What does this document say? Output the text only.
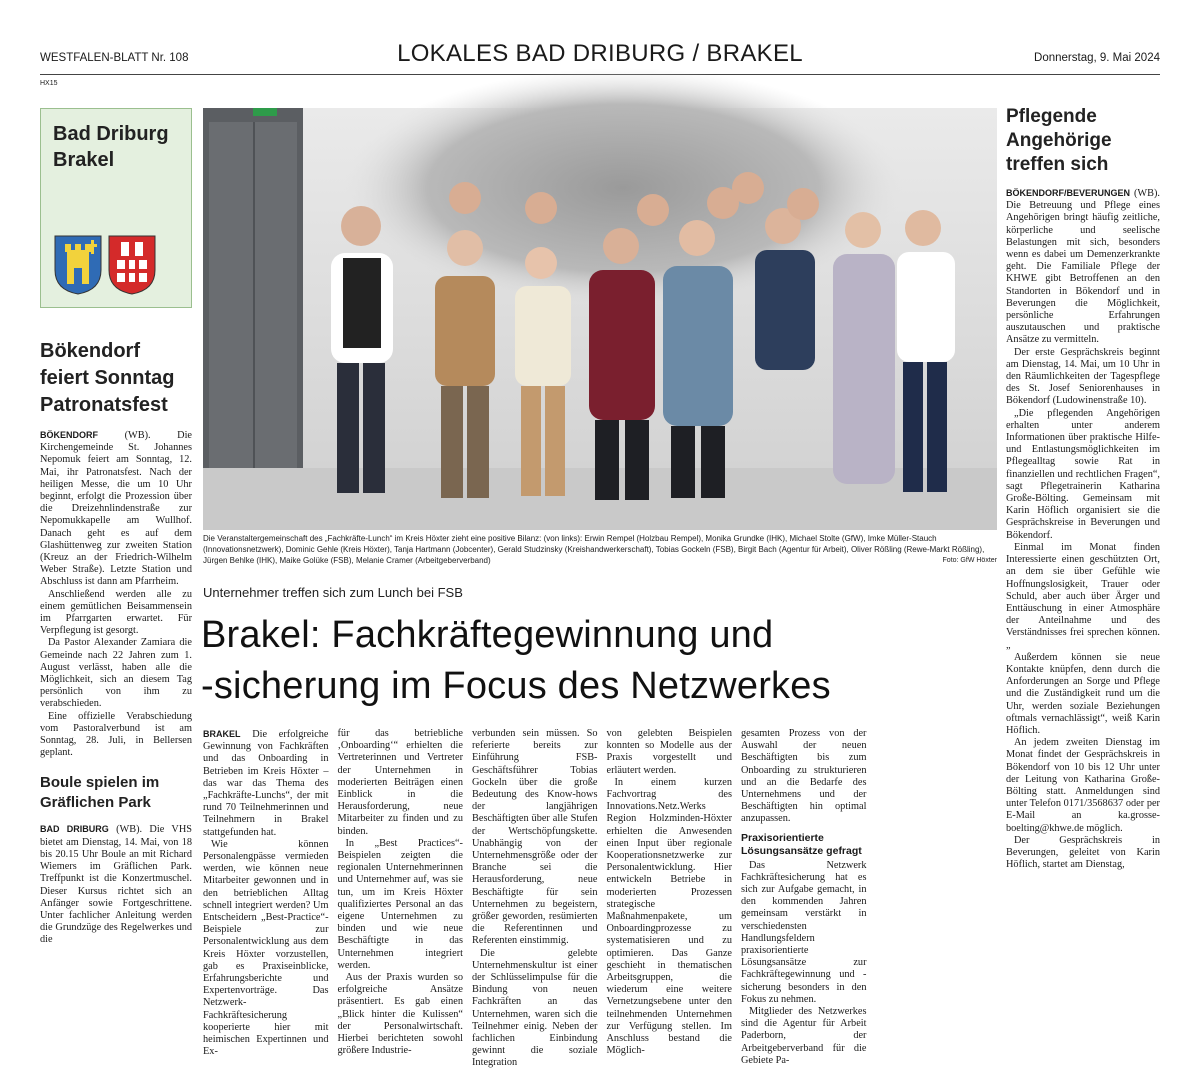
WESTFALEN-BLATT Nr. 108	LOKALES BAD DRIBURG / BRAKEL	Donnerstag, 9. Mai 2024
HX15
Bad Driburg
Brakel
Bökendorf feiert Sonntag Patronatsfest

BÖKENDORF	(WB). Die Kirchengemeinde St. Johannes Nepomuk feiert am Sonntag, 12. Mai, ihr Patronatsfest. Nach der heiligen Messe, die um 10 Uhr beginnt, erfolgt die Prozession über die Dreizehnlindenstraße zur Nepomukkapelle am Wullhof. Danach geht es auf dem Glashüttenweg zur zweiten Station (Kreuz an der Friedrich-Wilhelm Weber Straße). Letzte Station und Abschluss ist dann am Pfarrheim.

Anschließend werden alle zu einem gemütlichen Beisammensein im Pfarrgarten erwartet. Für Verpflegung ist gesorgt.

Da Pastor Alexander Zamiara die Gemeinde nach 22 Jahren zum 1. August verlässt, haben alle die Möglichkeit, sich an diesem Tag persönlich von ihm zu verabschieden.

Eine offizielle Verabschiedung vom Pastoralverbund ist am Sonntag, 28. Juli, in Bellersen geplant.

Boule spielen im Gräflichen Park

BAD DRIBURG (WB). Die VHS bietet am Dienstag, 14. Mai, von 18 bis 20.15 Uhr Boule an mit Richard Wiemers im Gräflichen Park. Treffpunkt ist die Konzertmuschel. Dieser Kursus richtet sich an Anfänger sowie Fortgeschrittene. Unter fachlicher Anleitung werden die Grundzüge des Regelwerkes und die

Die Veranstaltergemeinschaft des „Fachkräfte-Lunch“ im Kreis Höxter zieht eine positive Bilanz: (von links): Erwin Rempel (Holzbau Rempel), Monika Grundke (IHK), Michael Stolte (GfW), Imke Müller-Stauch (Innovationsnetzwerk), Dominic Gehle (Kreis Höxter), Tanja Hartmann (Jobcenter), Gerald Studzinsky (Kreishandwerkerschaft), Tobias Gockeln (FSB), Birgit Bach (Agentur für Arbeit), Oliver Rößling (Rewe-Markt Rößling), Jürgen Behlke (IHK), Maike Golüke (FSB), Melanie Cramer (Arbeitgeberverband)	Foto: GfW Höxter
Unternehmer treffen sich zum Lunch bei FSB
Brakel: Fachkräftegewinnung und
-sicherung im Focus des Netzwerkes

BRAKEL Die erfolgreiche Gewinnung von Fachkräften und das Onboarding in Betrieben im Kreis Höxter – das war das Thema des „Fachkräfte-Lunchs“, der mit rund 70 Teilnehmerinnen und Teilnehmern in Brakel stattgefunden hat.

Wie können Personalengpässe vermieden werden, wie können neue Mitarbeiter gewonnen und in den betrieblichen Alltag schnell integriert werden? Um Entscheidern „Best-Practice“-Beispiele zur Personalentwicklung aus dem Kreis Höxter vorzustellen, gab es Praxiseinblicke, Erfahrungsberichte und Expertenvorträge. Das Netzwerk-Fachkräftesicherung kooperierte hier mit heimischen Expertinnen und Ex-

für das betriebliche ‚Onboarding‘“ erhielten die Vertreterinnen und Vertreter der Unternehmen in moderierten Beiträgen einen Einblick in die Herausforderung, neue Mitarbeiter zu finden und zu binden.

In „Best Practices“-Beispielen zeigten die regionalen Unternehmerinnen und Unternehmer auf, was sie tun, um im Kreis Höxter qualifiziertes Personal an das eigene Unternehmen zu binden und wie neue Beschäftigte in das Unternehmen integriert werden.

Aus der Praxis wurden so erfolgreiche Ansätze präsentiert. Es gab einen „Blick hinter die Kulissen“ der Personalwirtschaft. Hierbei berichteten sowohl größere Industrie-

verbunden sein müssen. So referierte bereits zur Einführung FSB-Geschäftsführer Tobias Gockeln über die große Bedeutung des Know-hows der langjährigen Beschäftigten über alle Stufen der Wertschöpfungskette. Unabhängig von der Unternehmensgröße oder der Branche sei die Herausforderung, neue Beschäftigte für sein Unternehmen zu begeistern, größer geworden, resümierten die Referentinnen und Referenten einstimmig.

Die gelebte Unternehmenskultur ist einer der Schlüsselimpulse für die Bindung von neuen Fachkräften an das Unternehmen, waren sich die Teilnehmer einig. Neben der fachlichen Einbindung gewinnt die soziale Integration

von gelebten Beispielen konnten so Modelle aus der Praxis vorgestellt und erläutert werden.

In einem kurzen Fachvortrag des Innovations.Netz.Werks Region Holzminden-Höxter erhielten die Anwesenden einen Input über regionale Kooperationsnetzwerke zur Personalentwicklung. Hier entwickeln Betriebe in moderierten Prozessen strategische Maßnahmenpakete, um Onboardingprozesse zu systematisieren und zu optimieren. Das Ganze geschieht in thematischen Arbeitsgruppen, die wiederum eine weitere Vernetzungsebene unter den teilnehmenden Unternehmen zur Verfügung stellen. Im Anschluss bestand die Möglich-

gesamten Prozess von der Auswahl der neuen Beschäftigten bis zum Onboarding zu strukturieren und an die Bedarfe des Unternehmens und der Beschäftigten hin optimal anzupassen.

Praxisorientierte Lösungsansätze gefragt

Das Netzwerk Fachkräftesicherung hat es sich zur Aufgabe gemacht, in den kommenden Jahren gemeinsam verstärkt in verschiedensten Handlungsfeldern praxisorientierte Lösungsansätze zur Fachkräftegewinnung und -sicherung besonders in den Fokus zu nehmen.

Mitglieder des Netzwerkes sind die Agentur für Arbeit Paderborn, der Arbeitgeberverband für die Gebiete Pa-

Pflegende Angehörige treffen sich

BÖKENDORF/BEVERUNGEN (WB). Die Betreuung und Pflege eines Angehörigen bringt häufig zeitliche, körperliche und seelische Belastungen mit sich, besonders wenn es dabei um Demenzerkrankte geht. Die Familiale Pflege der KHWE gibt Betroffenen an den Standorten in Bökendorf und in Beverungen die Möglichkeit, persönliche Erfahrungen auszutauschen und praktische Ansätze zu vermitteln.

Der erste Gesprächskreis beginnt am Dienstag, 14. Mai, um 10 Uhr in den Räumlichkeiten der Tagespflege des St. Josef Seniorenhauses in Bökendorf (Ludowinenstraße 10).

„Die pflegenden Angehörigen erhalten unter anderem Informationen über praktische Hilfe- und Entlastungsmöglichkeiten im Pflegealltag sowie Rat in finanziellen und rechtlichen Fragen“, sagt Pflegetrainerin Katharina Große-Bölting. Gemeinsam mit Karin Höflich organisiert sie die Gesprächskreise in Beverungen und Bökendorf.

Einmal im Monat finden Interessierte einen geschützten Ort, an dem sie über Gefühle wie Hoffnungslosigkeit, Trauer oder Schuld, aber auch über Ärger und Enttäuschung in einer Atmosphäre der Anteilnahme und des Verständnisses frei sprechen können.„

Außerdem können sie neue Kontakte knüpfen, denn durch die Anforderungen an Sorge und Pflege und die Zuständigkeit rund um die Uhr, werden soziale Beziehungen oftmals vernachlässigt“, weiß Karin Höflich.

An jedem zweiten Dienstag im Monat findet der Gesprächskreis in Bökendorf von 10 bis 12 Uhr unter der Leitung von Katharina Große-Bölting statt. Anmeldungen sind unter Telefon 0171/3568637 oder per E-Mail an ka.grosse-boelting@khwe.de möglich.

Der Gesprächskreis in Beverungen, geleitet von Karin Höflich, startet am Dienstag,
